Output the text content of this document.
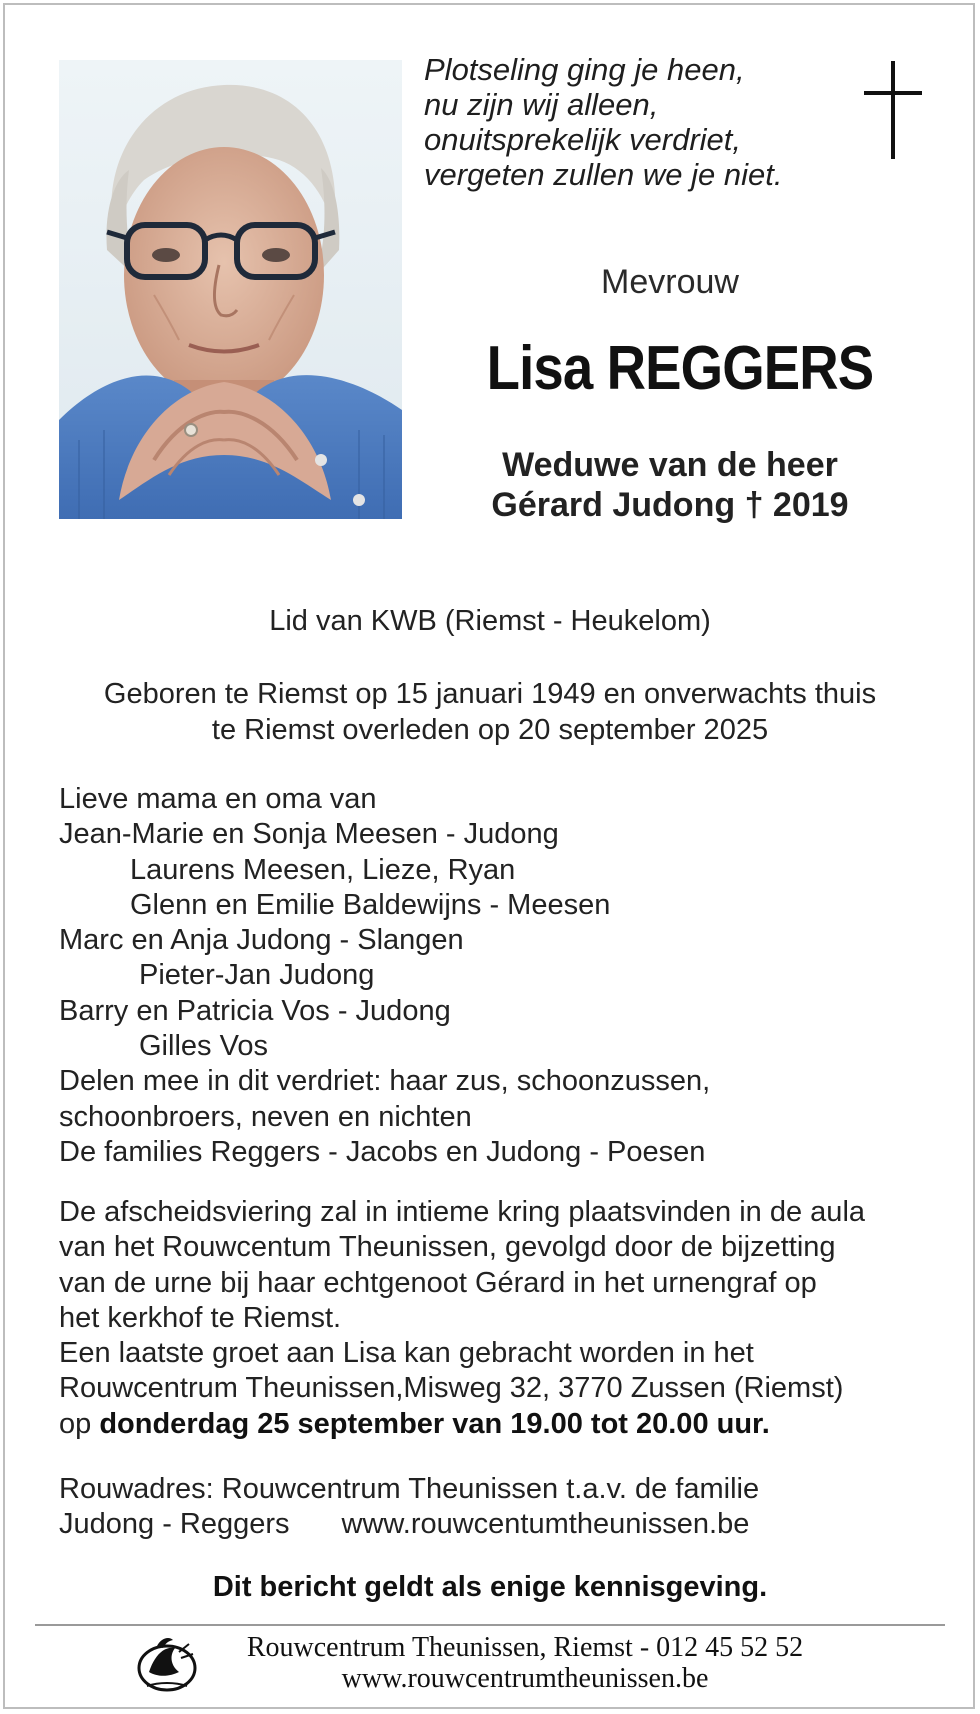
Plotseling ging je heen,
nu zijn wij alleen,
onuitsprekelijk verdriet,
vergeten zullen we je niet.
Mevrouw
Lisa REGGERS
Weduwe van de heer
Gérard Judong † 2019
Lid van KWB (Riemst - Heukelom)
Geboren te Riemst op 15 januari 1949 en onverwachts thuis
te Riemst overleden op 20 september 2025
Lieve mama en oma van
Jean-Marie en Sonja Meesen - Judong
Laurens Meesen, Lieze, Ryan
Glenn en Emilie Baldewijns - Meesen
Marc en Anja Judong - Slangen
Pieter-Jan Judong
Barry en Patricia Vos - Judong
Gilles Vos
Delen mee in dit verdriet: haar zus, schoonzussen,
schoonbroers, neven en nichten
De families Reggers - Jacobs en Judong - Poesen
De afscheidsviering zal in intieme kring plaatsvinden in de aula
van het Rouwcentum Theunissen, gevolgd door de bijzetting
van de urne bij haar echtgenoot Gérard in het urnengraf op
het kerkhof te Riemst.
Een laatste groet aan Lisa kan gebracht worden in het
Rouwcentrum Theunissen,Misweg 32, 3770 Zussen (Riemst)
op donderdag 25 september van 19.00 tot 20.00 uur.
Rouwadres: Rouwcentrum Theunissen t.a.v. de familie
Judong - Reggers www.rouwcentumtheunissen.be
Dit bericht geldt als enige kennisgeving.
Rouwcentrum Theunissen, Riemst - 012 45 52 52
www.rouwcentrumtheunissen.be
